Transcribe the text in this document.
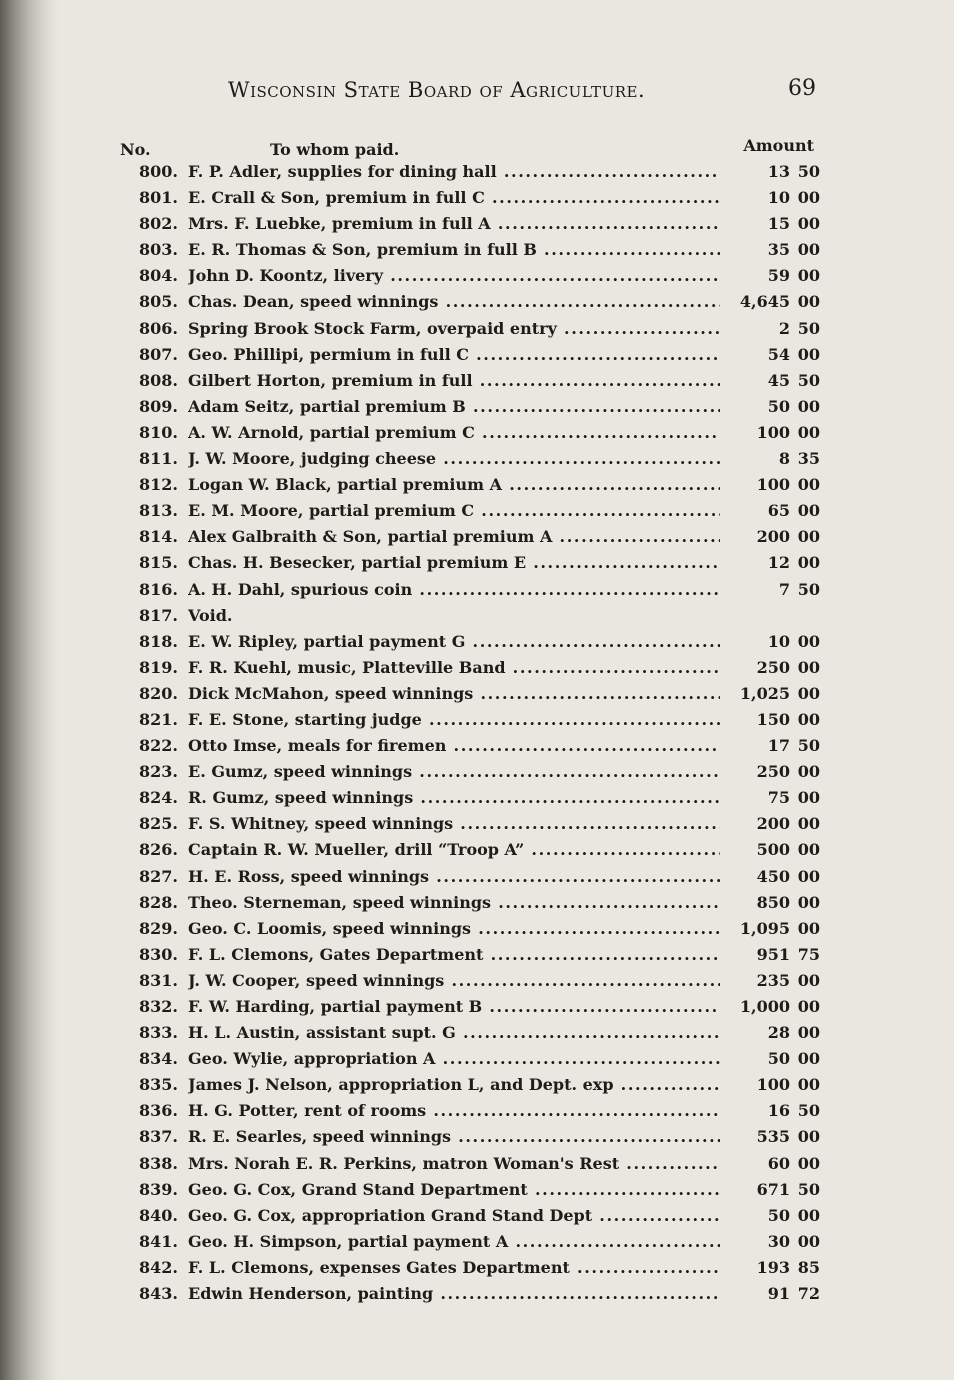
Wisconsin State Board of Agriculture.	69
No.	To whom paid.	Amount
800. F. P. Adler, supplies for dining hall .....	13 50
801. E. Crall & Son, premium in full C .....	10 00
802. Mrs. F. Luebke, premium in full A .....	15 00
803. E. R. Thomas & Son, premium in full B .....	35 00
804. John D. Koontz, livery .....	59 00
805. Chas. Dean, speed winnings .....	4,645 00
806. Spring Brook Stock Farm, overpaid entry .....	2 50
807. Geo. Phillipi, permium in full C .....	54 00
808. Gilbert Horton, premium in full .....	45 50
809. Adam Seitz, partial premium B .....	50 00
810. A. W. Arnold, partial premium C .....	100 00
811. J. W. Moore, judging cheese .....	8 35
812. Logan W. Black, partial premium A .....	100 00
813. E. M. Moore, partial premium C .....	65 00
814. Alex Galbraith & Son, partial premium A .....	200 00
815. Chas. H. Besecker, partial premium E .....	12 00
816. A. H. Dahl, spurious coin .....	7 50
817. Void.
818. E. W. Ripley, partial payment G .....	10 00
819. F. R. Kuehl, music, Platteville Band .....	250 00
820. Dick McMahon, speed winnings .....	1,025 00
821. F. E. Stone, starting judge .....	150 00
822. Otto Imse, meals for firemen .....	17 50
823. E. Gumz, speed winnings .....	250 00
824. R. Gumz, speed winnings .....	75 00
825. F. S. Whitney, speed winnings .....	200 00
826. Captain R. W. Mueller, drill “Troop A” .....	500 00
827. H. E. Ross, speed winnings .....	450 00
828. Theo. Sterneman, speed winnings .....	850 00
829. Geo. C. Loomis, speed winnings .....	1,095 00
830. F. L. Clemons, Gates Department .....	951 75
831. J. W. Cooper, speed winnings .....	235 00
832. F. W. Harding, partial payment B .....	1,000 00
833. H. L. Austin, assistant supt. G .....	28 00
834. Geo. Wylie, appropriation A .....	50 00
835. James J. Nelson, appropriation L, and Dept. exp .....	100 00
836. H. G. Potter, rent of rooms .....	16 50
837. R. E. Searles, speed winnings .....	535 00
838. Mrs. Norah E. R. Perkins, matron Woman's Rest .....	60 00
839. Geo. G. Cox, Grand Stand Department .....	671 50
840. Geo. G. Cox, appropriation Grand Stand Dept .....	50 00
841. Geo. H. Simpson, partial payment A .....	30 00
842. F. L. Clemons, expenses Gates Department .....	193 85
843. Edwin Henderson, painting .....	91 72
